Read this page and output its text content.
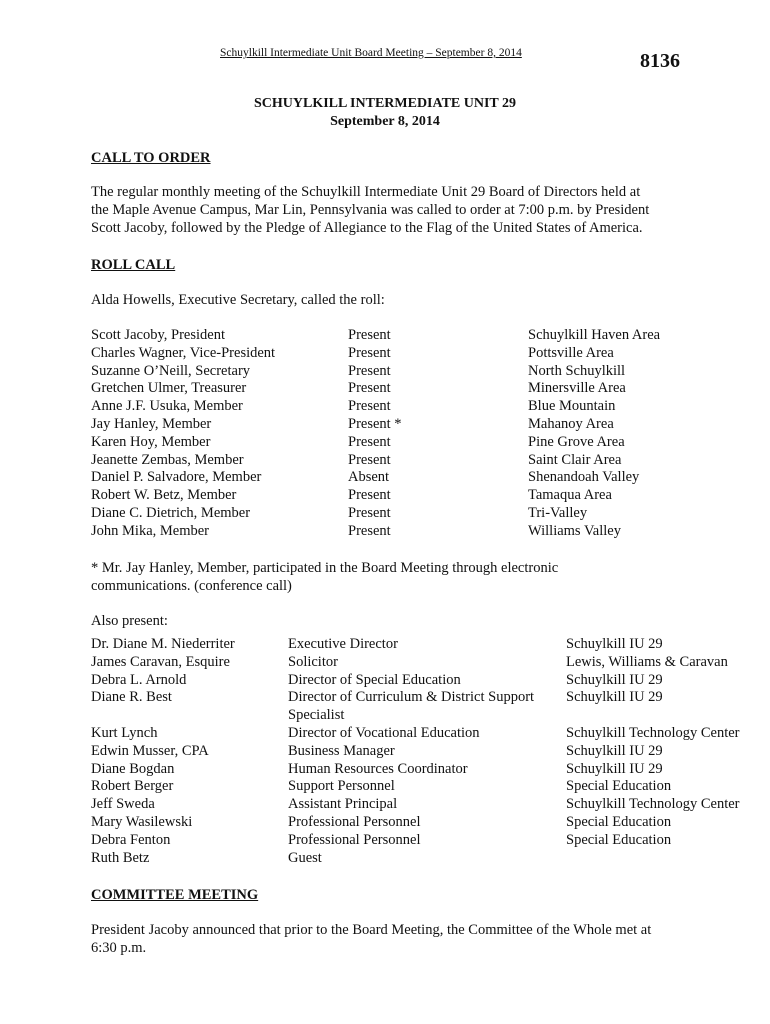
Schuylkill Intermediate Unit Board Meeting – September 8, 2014	8136
SCHUYLKILL INTERMEDIATE UNIT 29
September 8, 2014
CALL TO ORDER
The regular monthly meeting of the Schuylkill Intermediate Unit 29 Board of Directors held at
the Maple Avenue Campus, Mar Lin, Pennsylvania was called to order at 7:00 p.m. by President
Scott Jacoby, followed by the Pledge of Allegiance to the Flag of the United States of America.
ROLL CALL
Alda Howells, Executive Secretary, called the roll:
Scott Jacoby, President
Charles Wagner, Vice-President
Suzanne O’Neill, Secretary
Gretchen Ulmer, Treasurer
Anne J.F. Usuka, Member
Jay Hanley, Member
Karen Hoy, Member
Jeanette Zembas, Member
Daniel P. Salvadore, Member
Robert W. Betz, Member
Diane C. Dietrich, Member
John Mika, Member
Present
Present
Present
Present
Present
Present *
Present
Present
Absent
Present
Present
Present
Schuylkill Haven Area
Pottsville Area
North Schuylkill
Minersville Area
Blue Mountain
Mahanoy Area
Pine Grove Area
Saint Clair Area
Shenandoah Valley
Tamaqua Area
Tri-Valley
Williams Valley
* Mr. Jay Hanley, Member, participated in the Board Meeting through electronic
communications. (conference call)
Also present:
Dr. Diane M. Niederriter
James Caravan, Esquire
Debra L. Arnold
Diane R. Best
Kurt Lynch
Edwin Musser, CPA
Diane Bogdan
Robert Berger
Jeff Sweda
Mary Wasilewski
Debra Fenton
Ruth Betz
Executive Director
Solicitor
Director of Special Education
Director of Curriculum & District Support
Specialist
Director of Vocational Education
Business Manager
Human Resources Coordinator
Support Personnel
Assistant Principal
Professional Personnel
Professional Personnel
Guest
Schuylkill IU 29
Lewis, Williams & Caravan
Schuylkill IU 29
Schuylkill IU 29
Schuylkill Technology Center
Schuylkill IU 29
Schuylkill IU 29
Special Education
Schuylkill Technology Center
Special Education
Special Education
COMMITTEE MEETING
President Jacoby announced that prior to the Board Meeting, the Committee of the Whole met at
6:30 p.m.
